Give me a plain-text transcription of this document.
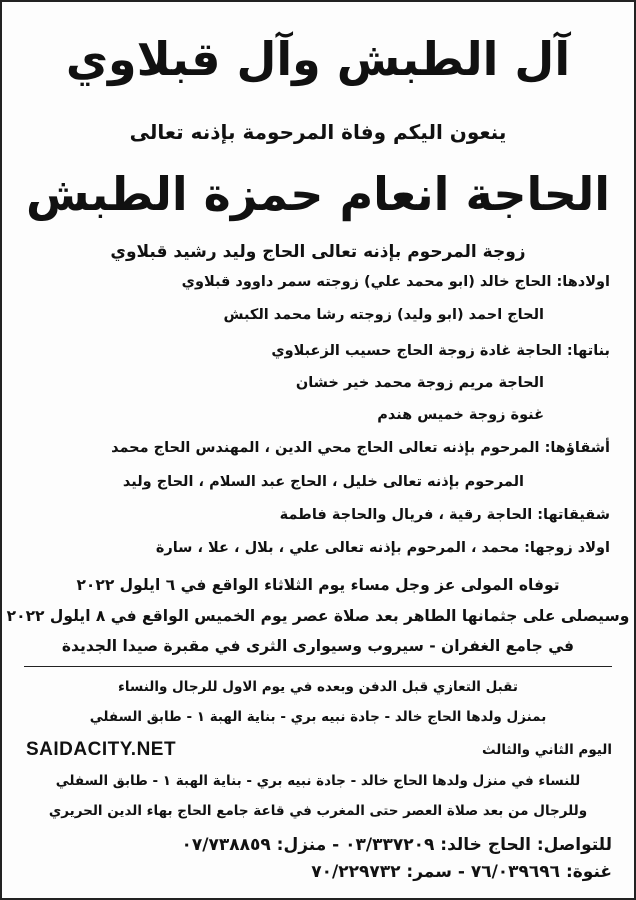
آل الطبش وآل قبلاوي
ينعون اليكم وفاة المرحومة بإذنه تعالى
الحاجة انعام حمزة الطبش
زوجة المرحوم بإذنه تعالى الحاج وليد رشيد قبلاوي
اولادها: الحاج خالد (ابو محمد علي) زوجته سمر داوود قبلاوي
الحاج احمد (ابو وليد) زوجته رشا محمد الكبش
بناتها: الحاجة غادة زوجة الحاج حسيب الزعبلاوي
الحاجة مريم زوجة محمد خير خشان
غنوة زوجة خميس هندم
أشقاؤها: المرحوم بإذنه تعالى الحاج محي الدين ، المهندس الحاج محمد
المرحوم بإذنه تعالى خليل ، الحاج عبد السلام ، الحاج وليد
شقيقاتها: الحاجة رقية ، فريال والحاجة فاطمة
اولاد زوجها: محمد ، المرحوم بإذنه تعالى علي ، بلال ، علا ، سارة
توفاه المولى عز وجل مساء يوم الثلاثاء الواقع في ٦ ايلول ٢٠٢٢
وسيصلى على جثمانها الطاهر بعد صلاة عصر يوم الخميس الواقع في ٨ ايلول ٢٠٢٢
في جامع الغفران - سيروب وسيوارى الثرى في مقبرة صيدا الجديدة
تقبل التعازي قبل الدفن وبعده في يوم الاول للرجال والنساء
بمنزل ولدها الحاج خالد - جادة نبيه بري - بناية الهبة ١ - طابق السفلي
اليوم الثاني والثالث
للنساء في منزل ولدها الحاج خالد - جادة نبيه بري - بناية الهبة ١ - طابق السفلي
وللرجال من بعد صلاة العصر حتى المغرب في قاعة جامع الحاج بهاء الدين الحريري
للتواصل: الحاج خالد: ٠٣/٣٣٧٢٠٩ - منزل: ٠٧/٧٣٨٨٥٩
غنوة: ٧٦/٠٣٩٦٩٦ - سمر: ٧٠/٢٢٩٧٣٢
SAIDACITY.NET
